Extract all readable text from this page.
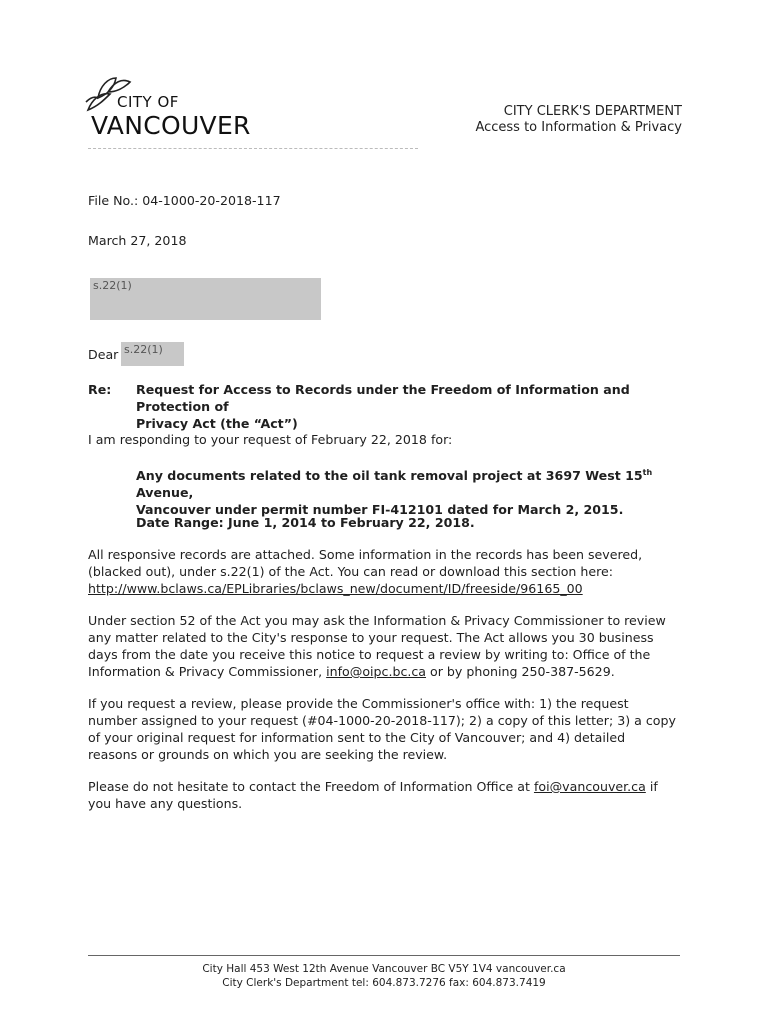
CITY OF
VANCOUVER	CITY CLERK'S DEPARTMENT
Access to Information & Privacy
File No.: 04-1000-20-2018-117
March 27, 2018
s.22(1)
Dear s.22(1)
Re: Request for Access to Records under the Freedom of Information and Protection of
Privacy Act (the “Act”)
I am responding to your request of February 22, 2018 for:
Any documents related to the oil tank removal project at 3697 West 15th Avenue,
Vancouver under permit number FI-412101 dated for March 2, 2015.
Date Range: June 1, 2014 to February 22, 2018.
All responsive records are attached. Some information in the records has been severed,
(blacked out), under s.22(1) of the Act. You can read or download this section here:
http://www.bclaws.ca/EPLibraries/bclaws_new/document/ID/freeside/96165_00
Under section 52 of the Act you may ask the Information & Privacy Commissioner to review
any matter related to the City's response to your request. The Act allows you 30 business
days from the date you receive this notice to request a review by writing to: Office of the
Information & Privacy Commissioner, info@oipc.bc.ca or by phoning 250-387-5629.
If you request a review, please provide the Commissioner's office with: 1) the request
number assigned to your request (#04-1000-20-2018-117); 2) a copy of this letter; 3) a copy
of your original request for information sent to the City of Vancouver; and 4) detailed
reasons or grounds on which you are seeking the review.
Please do not hesitate to contact the Freedom of Information Office at foi@vancouver.ca if
you have any questions.
City Hall 453 West 12th Avenue Vancouver BC V5Y 1V4 vancouver.ca
City Clerk's Department tel: 604.873.7276 fax: 604.873.7419
